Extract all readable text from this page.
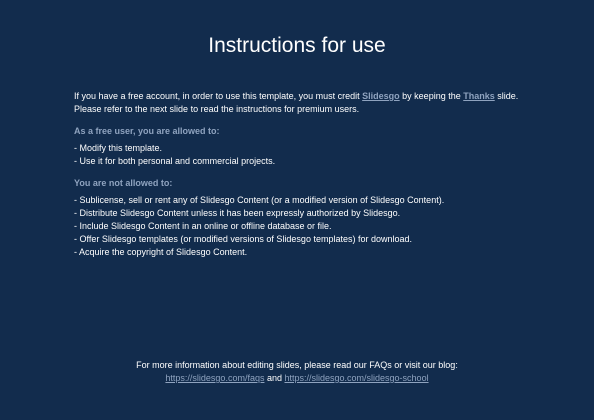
Instructions for use

If you have a free account, in order to use this template, you must credit Slidesgo by keeping the Thanks slide. Please refer to the next slide to read the instructions for premium users.

As a free user, you are allowed to:

- Modify this template.
- Use it for both personal and commercial projects.

You are not allowed to:

- Sublicense, sell or rent any of Slidesgo Content (or a modified version of Slidesgo Content).
- Distribute Slidesgo Content unless it has been expressly authorized by Slidesgo.
- Include Slidesgo Content in an online or offline database or file.
- Offer Slidesgo templates (or modified versions of Slidesgo templates) for download.
- Acquire the copyright of Slidesgo Content.
For more information about editing slides, please read our FAQs or visit our blog:
https://slidesgo.com/faqs and https://slidesgo.com/slidesgo-school
